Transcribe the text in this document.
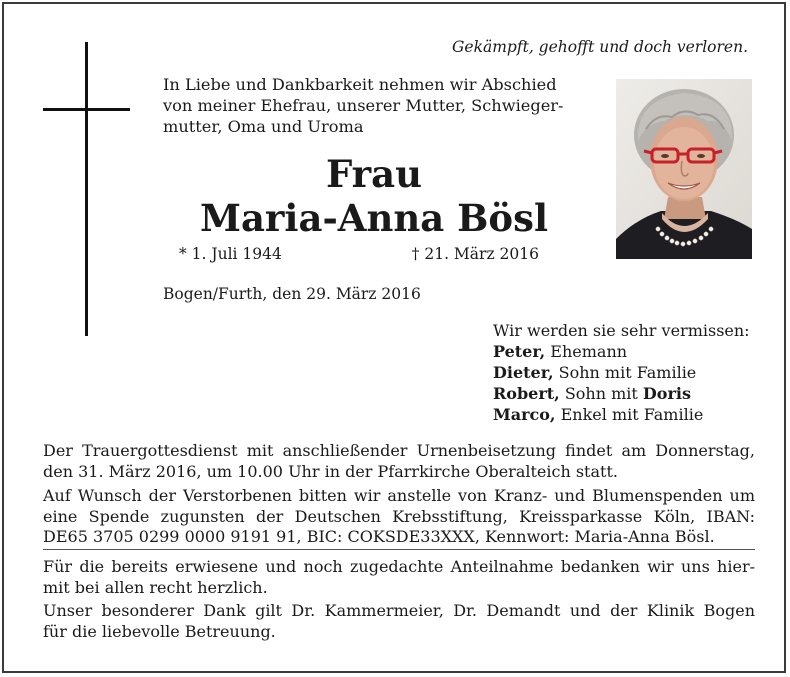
Gekämpft, gehofft und doch verloren.
In Liebe und Dankbarkeit nehmen wir Abschied
von meiner Ehefrau, unserer Mutter, Schwieger-
mutter, Oma und Uroma
Frau
Maria-Anna Bösl
* 1. Juli 1944	† 21. März 2016
Bogen/Furth, den 29. März 2016
Wir werden sie sehr vermissen:
Peter, Ehemann
Dieter, Sohn mit Familie
Robert, Sohn mit Doris
Marco, Enkel mit Familie
Der Trauergottesdienst mit anschließender Urnenbeisetzung findet am Donnerstag,
den 31. März 2016, um 10.00 Uhr in der Pfarrkirche Oberalteich statt.
Auf Wunsch der Verstorbenen bitten wir anstelle von Kranz- und Blumenspenden um
eine Spende zugunsten der Deutschen Krebsstiftung, Kreissparkasse Köln, IBAN:
DE65 3705 0299 0000 9191 91, BIC: COKSDE33XXX, Kennwort: Maria-Anna Bösl.
Für die bereits erwiesene und noch zugedachte Anteilnahme bedanken wir uns hier-
mit bei allen recht herzlich.
Unser besonderer Dank gilt Dr. Kammermeier, Dr. Demandt und der Klinik Bogen
für die liebevolle Betreuung.
